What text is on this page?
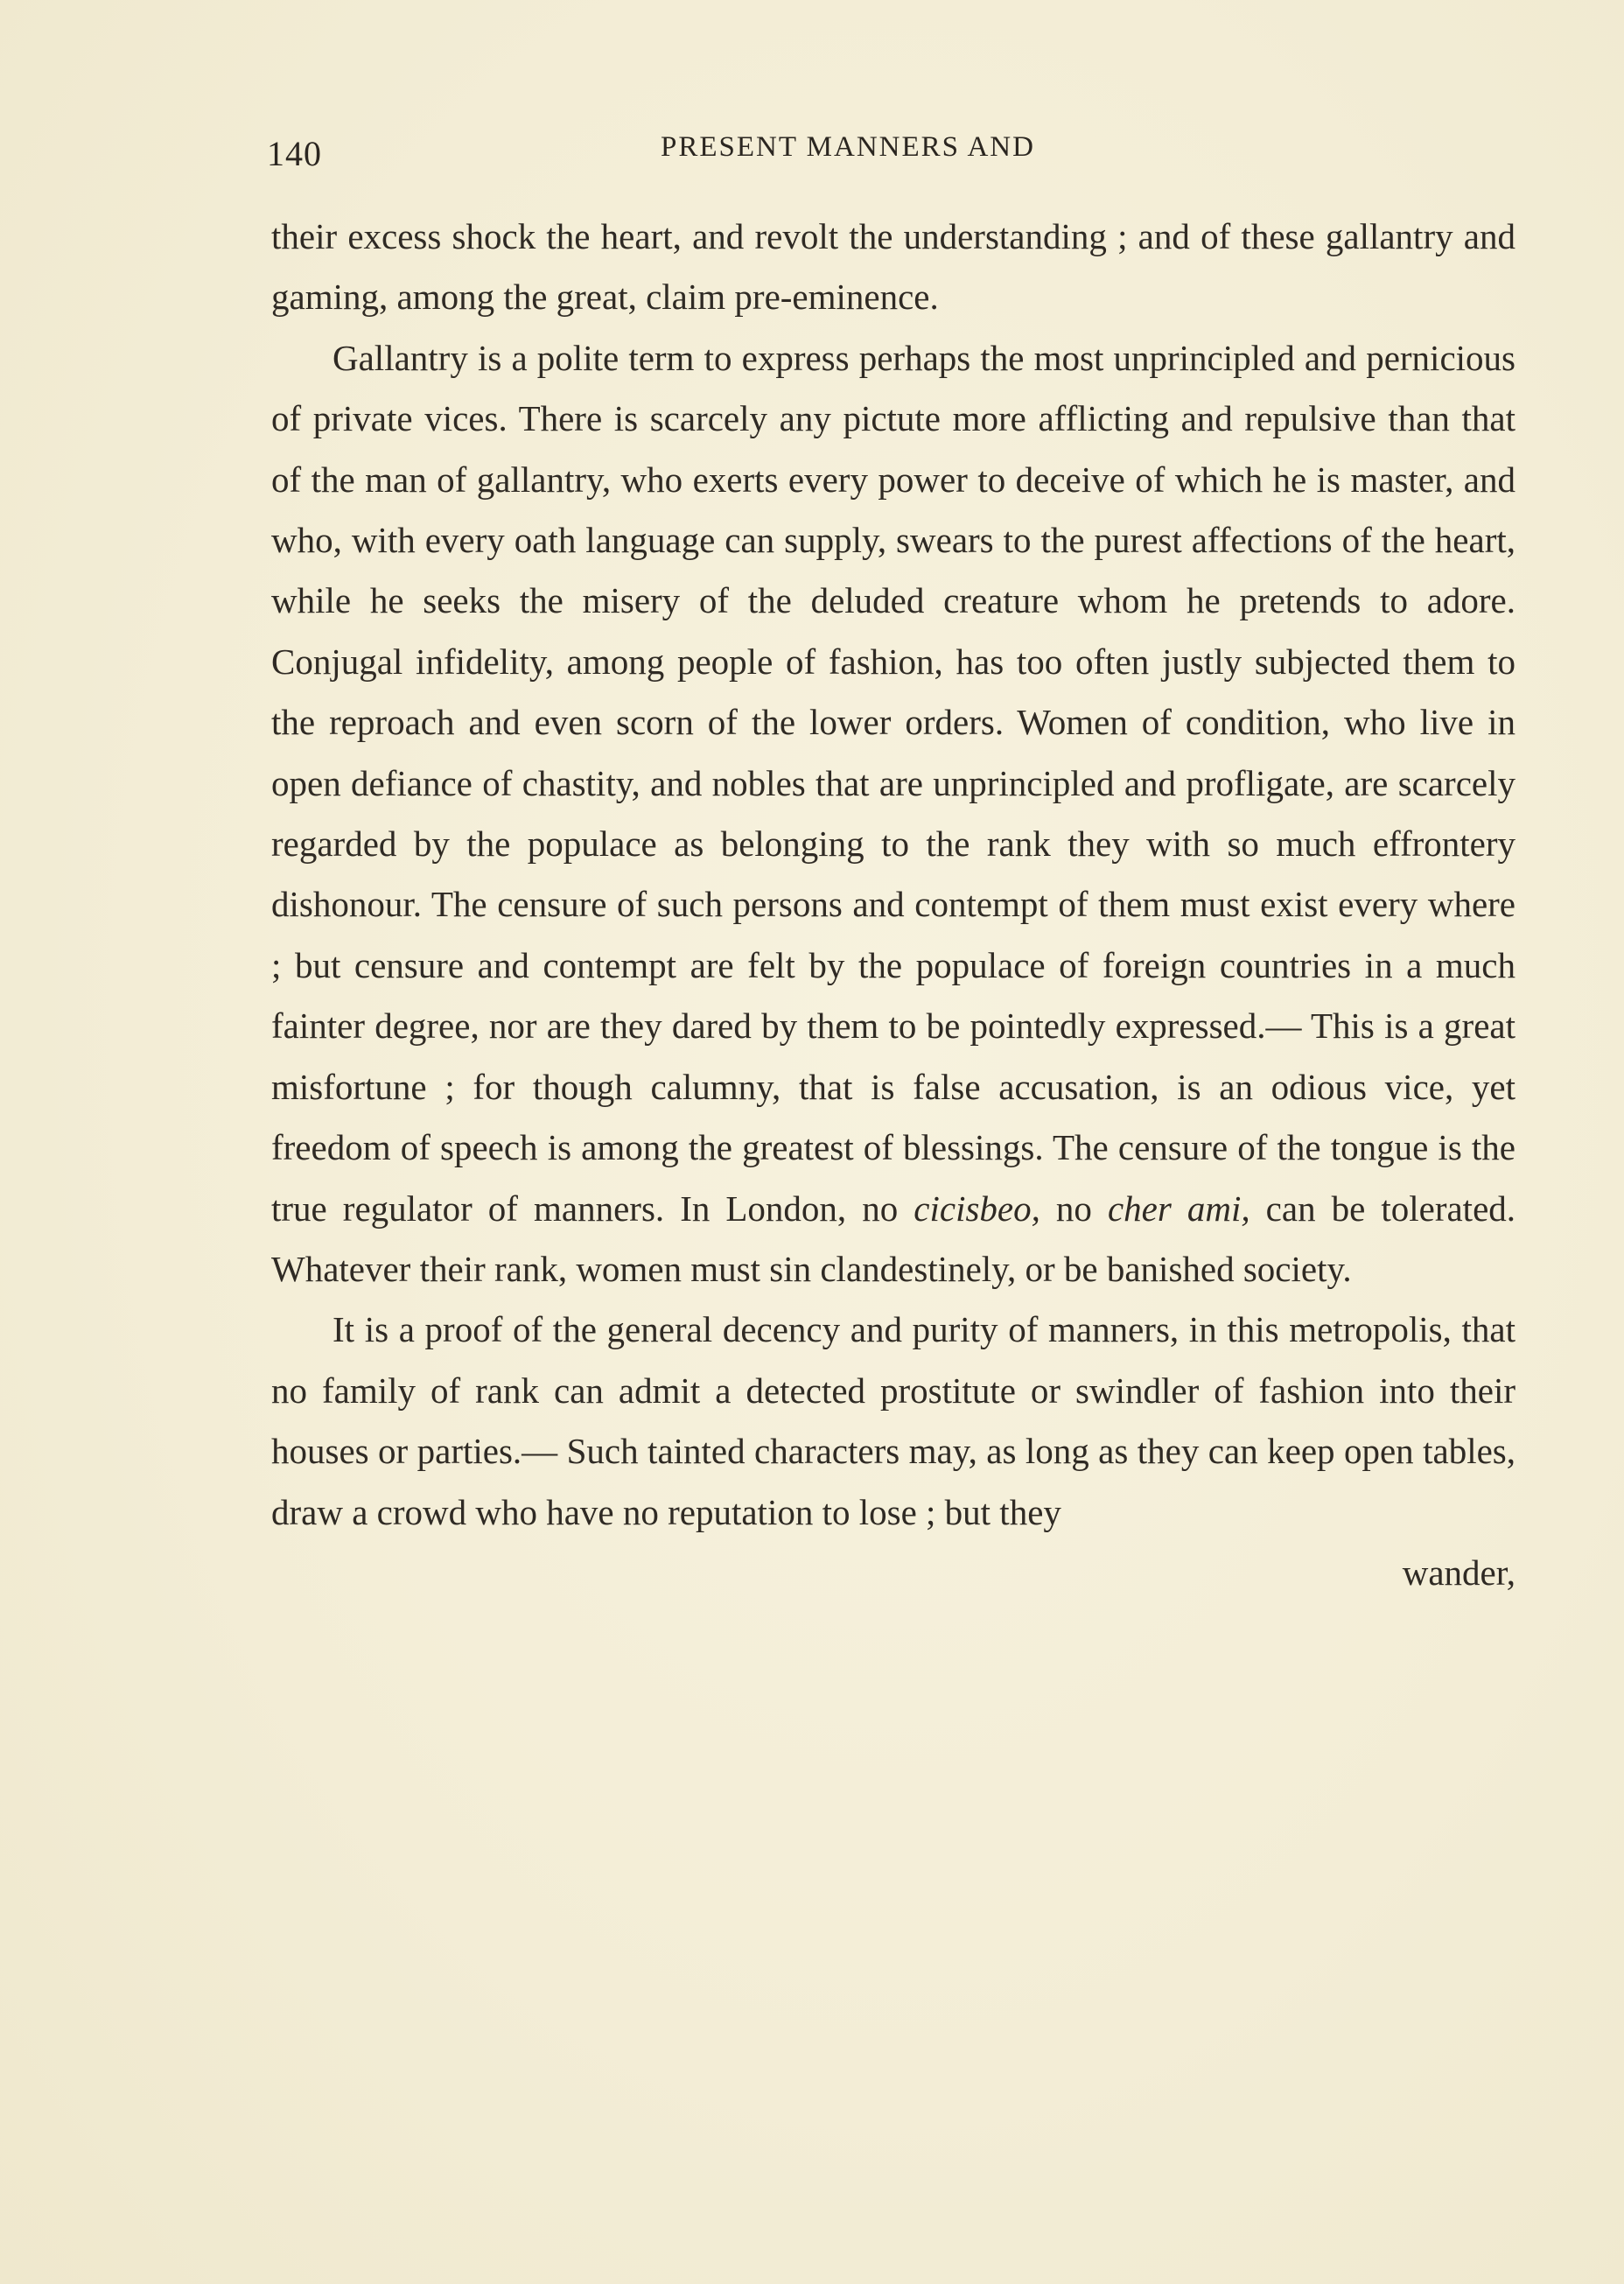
140	PRESENT MANNERS AND

their excess shock the heart, and revolt the understanding ; and of these gallantry and gaming, among the great, claim pre-eminence.

Gallantry is a polite term to express perhaps the most unprincipled and pernicious of private vices. There is scarcely any pictute more afflicting and repulsive than that of the man of gallantry, who exerts every power to deceive of which he is master, and who, with every oath language can supply, swears to the purest affections of the heart, while he seeks the misery of the deluded creature whom he pretends to adore. Conjugal infidelity, among people of fashion, has too often justly subjected them to the reproach and even scorn of the lower orders. Women of condition, who live in open defiance of chastity, and nobles that are unprincipled and profligate, are scarcely regarded by the populace as belonging to the rank they with so much effrontery dishonour. The censure of such persons and contempt of them must exist every where ; but censure and contempt are felt by the populace of foreign countries in a much fainter degree, nor are they dared by them to be pointedly expressed.— This is a great misfortune ; for though calumny, that is false accusation, is an odious vice, yet freedom of speech is among the greatest of blessings. The censure of the tongue is the true regulator of manners. In London, no cicisbeo, no cher ami, can be tolerated. Whatever their rank, women must sin clandestinely, or be banished society.

It is a proof of the general decency and purity of manners, in this metropolis, that no family of rank can admit a detected prostitute or swindler of fashion into their houses or parties.— Such tainted characters may, as long as they can keep open tables, draw a crowd who have no reputation to lose ; but they

wander,
